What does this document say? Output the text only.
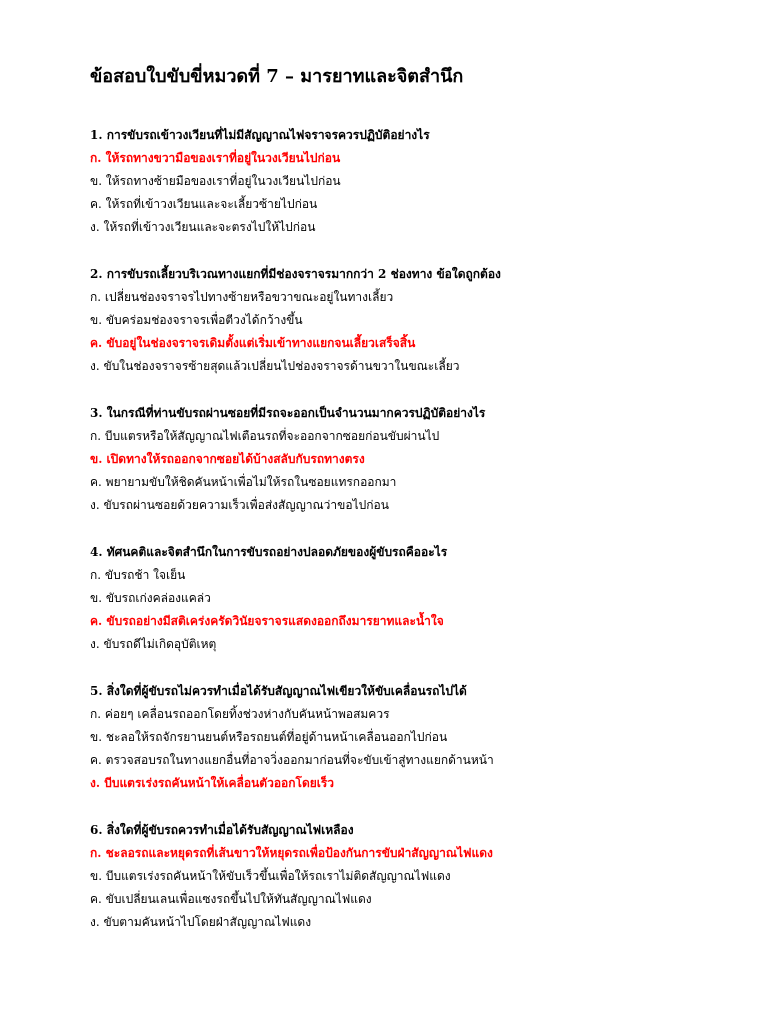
ข้อสอบใบขับขี่หมวดที่ 7 – มารยาทและจิตสำนึก
1. การขับรถเข้าวงเวียนที่ไม่มีสัญญาณไฟจราจรควรปฏิบัติอย่างไร
ก. ให้รถทางขวามือของเราที่อยู่ในวงเวียนไปก่อน
ข. ให้รถทางซ้ายมือของเราที่อยู่ในวงเวียนไปก่อน
ค. ให้รถที่เข้าวงเวียนและจะเลี้ยวซ้ายไปก่อน
ง. ให้รถที่เข้าวงเวียนและจะตรงไปให้ไปก่อน
2. การขับรถเลี้ยวบริเวณทางแยกที่มีช่องจราจรมากกว่า 2 ช่องทาง ข้อใดถูกต้อง
ก. เปลี่ยนช่องจราจรไปทางซ้ายหรือขวาขณะอยู่ในทางเลี้ยว
ข. ขับคร่อมช่องจราจรเพื่อตีวงได้กว้างขึ้น
ค. ขับอยู่ในช่องจราจรเดิมตั้งแต่เริ่มเข้าทางแยกจนเลี้ยวเสร็จสิ้น
ง. ขับในช่องจราจรซ้ายสุดแล้วเปลี่ยนไปช่องจราจรด้านขวาในขณะเลี้ยว
3. ในกรณีที่ท่านขับรถผ่านซอยที่มีรถจะออกเป็นจำนวนมากควรปฏิบัติอย่างไร
ก. บีบแตรหรือให้สัญญาณไฟเตือนรถที่จะออกจากซอยก่อนขับผ่านไป
ข. เปิดทางให้รถออกจากซอยได้บ้างสลับกับรถทางตรง
ค. พยายามขับให้ชิดคันหน้าเพื่อไม่ให้รถในซอยแทรกออกมา
ง. ขับรถผ่านซอยด้วยความเร็วเพื่อส่งสัญญาณว่าขอไปก่อน
4. ทัศนคติและจิตสำนึกในการขับรถอย่างปลอดภัยของผู้ขับรถคืออะไร
ก. ขับรถช้า ใจเย็น
ข. ขับรถเก่งคล่องแคล่ว
ค. ขับรถอย่างมีสติเคร่งครัดวินัยจราจรแสดงออกถึงมารยาทและน้ำใจ
ง. ขับรถดีไม่เกิดอุบัติเหตุ
5. สิ่งใดที่ผู้ขับรถไม่ควรทำเมื่อได้รับสัญญาณไฟเขียวให้ขับเคลื่อนรถไปได้
ก. ค่อยๆ เคลื่อนรถออกโดยทิ้งช่วงห่างกับคันหน้าพอสมควร
ข. ชะลอให้รถจักรยานยนต์หรือรถยนต์ที่อยู่ด้านหน้าเคลื่อนออกไปก่อน
ค. ตรวจสอบรถในทางแยกอื่นที่อาจวิ่งออกมาก่อนที่จะขับเข้าสู่ทางแยกด้านหน้า
ง. บีบแตรเร่งรถคันหน้าให้เคลื่อนตัวออกโดยเร็ว
6. สิ่งใดที่ผู้ขับรถควรทำเมื่อได้รับสัญญาณไฟเหลือง
ก. ชะลอรถและหยุดรถที่เส้นขาวให้หยุดรถเพื่อป้องกันการขับฝ่าสัญญาณไฟแดง
ข. บีบแตรเร่งรถคันหน้าให้ขับเร็วขึ้นเพื่อให้รถเราไม่ติดสัญญาณไฟแดง
ค. ขับเปลี่ยนเลนเพื่อแซงรถขึ้นไปให้ทันสัญญาณไฟแดง
ง. ขับตามคันหน้าไปโดยฝ่าสัญญาณไฟแดง
